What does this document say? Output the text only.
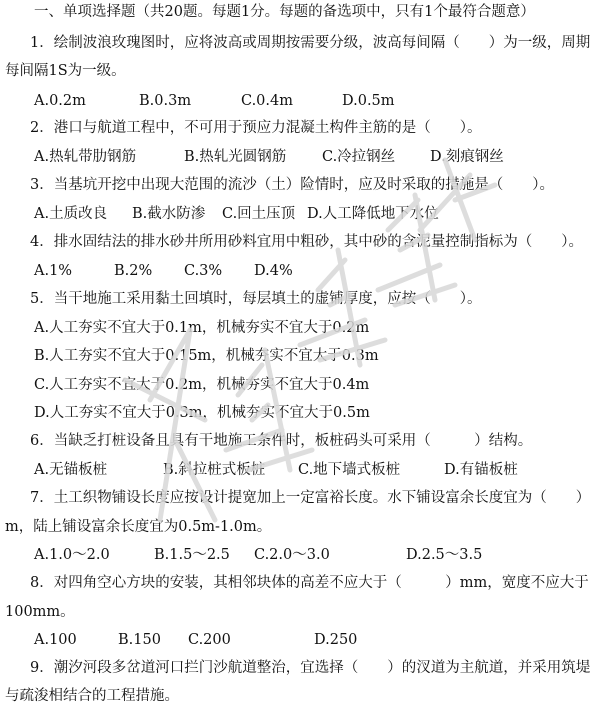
一、单项选择题（共20题。每题1分。每题的备选项中，只有1个最符合题意）
1．绘制波浪玫瑰图时，应将波高或周期按需要分级，波高每间隔（　　）为一级，周期
每间隔1S为一级。
A.0.2m	B.0.3m	C.0.4m	D.0.5m
2．港口与航道工程中，不可用于预应力混凝土构件主筋的是（　　）。
A.热轧带肋钢筋	B.热轧光圆钢筋 C.冷拉钢丝 D.刻痕钢丝
3．当基坑开挖中出现大范围的流沙（土）险情时，应及时采取的措施是（　　）。
A.土质改良 B.截水防渗 C.回土压顶 D.人工降低地下水位
4．排水固结法的排水砂井所用砂料宜用中粗砂，其中砂的含泥量控制指标为（　　）。
A.1%	B.2% C.3% D.4%
5．当干地施工采用黏土回填时，每层填土的虚铺厚度，应按（　　）。
A.人工夯实不宜大于0.1m，机械夯实不宜大于0.2m
B.人工夯实不宜大于0.15m，机械夯实不宜大于0.3m
C.人工夯实不宜大于0.2m，机械夯实不宜大于0.4m
D.人工夯实不宜大于0.3m，机械夯实不宜大于0.5m
6．当缺乏打桩设备且具有干地施工条件时，板桩码头可采用（　　　）结构。
A.无锚板桩	B.斜拉桩式板桩 C.地下墙式板桩	D.有锚板桩
7．土工织物铺设长度应按设计提宽加上一定富裕长度。水下铺设富余长度宜为（　　）
m，陆上铺设富余长度宜为0.5m-1.0m。
A.1.0～2.0	B.1.5～2.5 C.2.0～3.0	D.2.5～3.5
8．对四角空心方块的安装，其相邻块体的高差不应大于（　　　）mm，宽度不应大于
100mm。
A.100	B.150 C.200	D.250
9．潮汐河段多岔道河口拦门沙航道整治，宜选择（　　）的汊道为主航道，并采用筑堤
与疏浚相结合的工程措施。
